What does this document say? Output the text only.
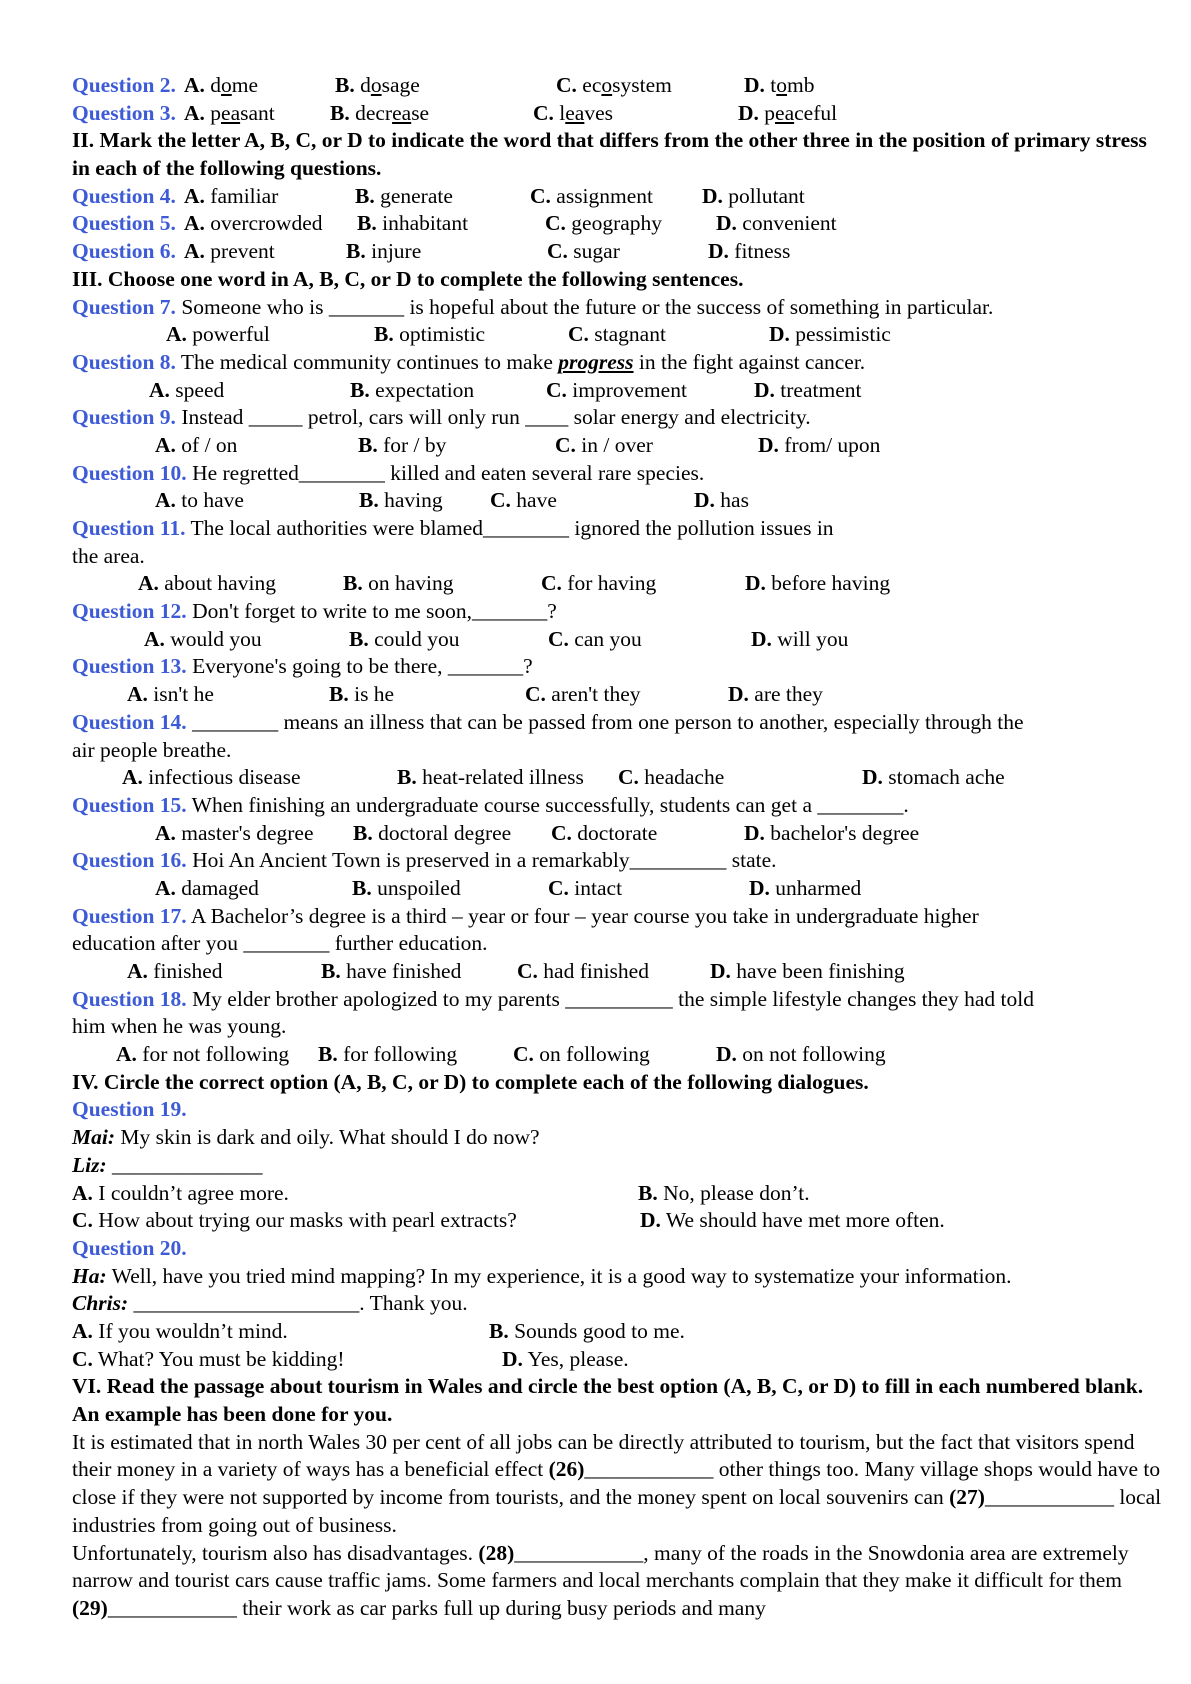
Question 2. A. dome	B. dosage	C. ecosystem	D. tomb
Question 3. A. peasant	B. decrease	C. leaves	D. peaceful
II. Mark the letter A, B, C, or D to indicate the word that differs from the other three in the position of primary stress in each of the following questions.
Question 4. A. familiar	B. generate	C. assignment D. pollutant
Question 5. A. overcrowded B. inhabitant	C. geography	D. convenient
Question 6. A. prevent	B. injure	C. sugar	D. fitness
III. Choose one word in A, B, C, or D to complete the following sentences.
Question 7. Someone who is _______ is hopeful about the future or the success of something in particular.
A. powerful	B. optimistic	C. stagnant	D. pessimistic
Question 8. The medical community continues to make progress in the fight against cancer.
A. speed	B. expectation	C. improvement	D. treatment
Question 9. Instead _____ petrol, cars will only run ____ solar energy and electricity.
A. of / on	B. for / by	C. in / over	D. from/ upon
Question 10. He regretted________ killed and eaten several rare species.
A. to have	B. having C. have	D. has
Question 11. The local authorities were blamed________ ignored the pollution issues in
the area.
A. about having	B. on having	C. for having	D. before having
Question 12. Don't forget to write to me soon,_______?
A. would you	B. could you	C. can you	D. will you
Question 13. Everyone's going to be there, _______?
A. isn't he	B. is he	C. aren't they	D. are they
Question 14. ________ means an illness that can be passed from one person to another, especially through the
air people breathe.
A. infectious disease	B. heat-related illness C. headache	D. stomach ache
Question 15. When finishing an undergraduate course successfully, students can get a ________.
A. master's degree B. doctoral degree C. doctorate	D. bachelor's degree
Question 16. Hoi An Ancient Town is preserved in a remarkably_________ state.
A. damaged	B. unspoiled	C. intact	D. unharmed
Question 17. A Bachelor’s degree is a third – year or four – year course you take in undergraduate higher
education after you ________ further education.
A. finished	B. have finished	C. had finished	D. have been finishing
Question 18. My elder brother apologized to my parents __________ the simple lifestyle changes they had told
him when he was young.
A. for not following B. for following	C. on following	D. on not following
IV. Circle the correct option (A, B, C, or D) to complete each of the following dialogues.
Question 19.
Mai: My skin is dark and oily. What should I do now?
Liz: ______________
A. I couldn’t agree more.	B. No, please don’t.
C. How about trying our masks with pearl extracts?	D. We should have met more often.
Question 20.
Ha: Well, have you tried mind mapping? In my experience, it is a good way to systematize your information.
Chris: _____________________. Thank you.
A. If you wouldn’t mind.	B. Sounds good to me.
C. What? You must be kidding!	D. Yes, please.
VI. Read the passage about tourism in Wales and circle the best option (A, B, C, or D) to fill in each numbered blank. An example has been done for you.
It is estimated that in north Wales 30 per cent of all jobs can be directly attributed to tourism, but the fact that visitors spend their money in a variety of ways has a beneficial effect (26)____________ other things too. Many village shops would have to close if they were not supported by income from tourists, and the money spent on local souvenirs can (27)____________ local industries from going out of business.
Unfortunately, tourism also has disadvantages. (28)____________, many of the roads in the Snowdonia area are extremely narrow and tourist cars cause traffic jams. Some farmers and local merchants complain that they make it difficult for them (29)____________ their work as car parks full up during busy periods and many
